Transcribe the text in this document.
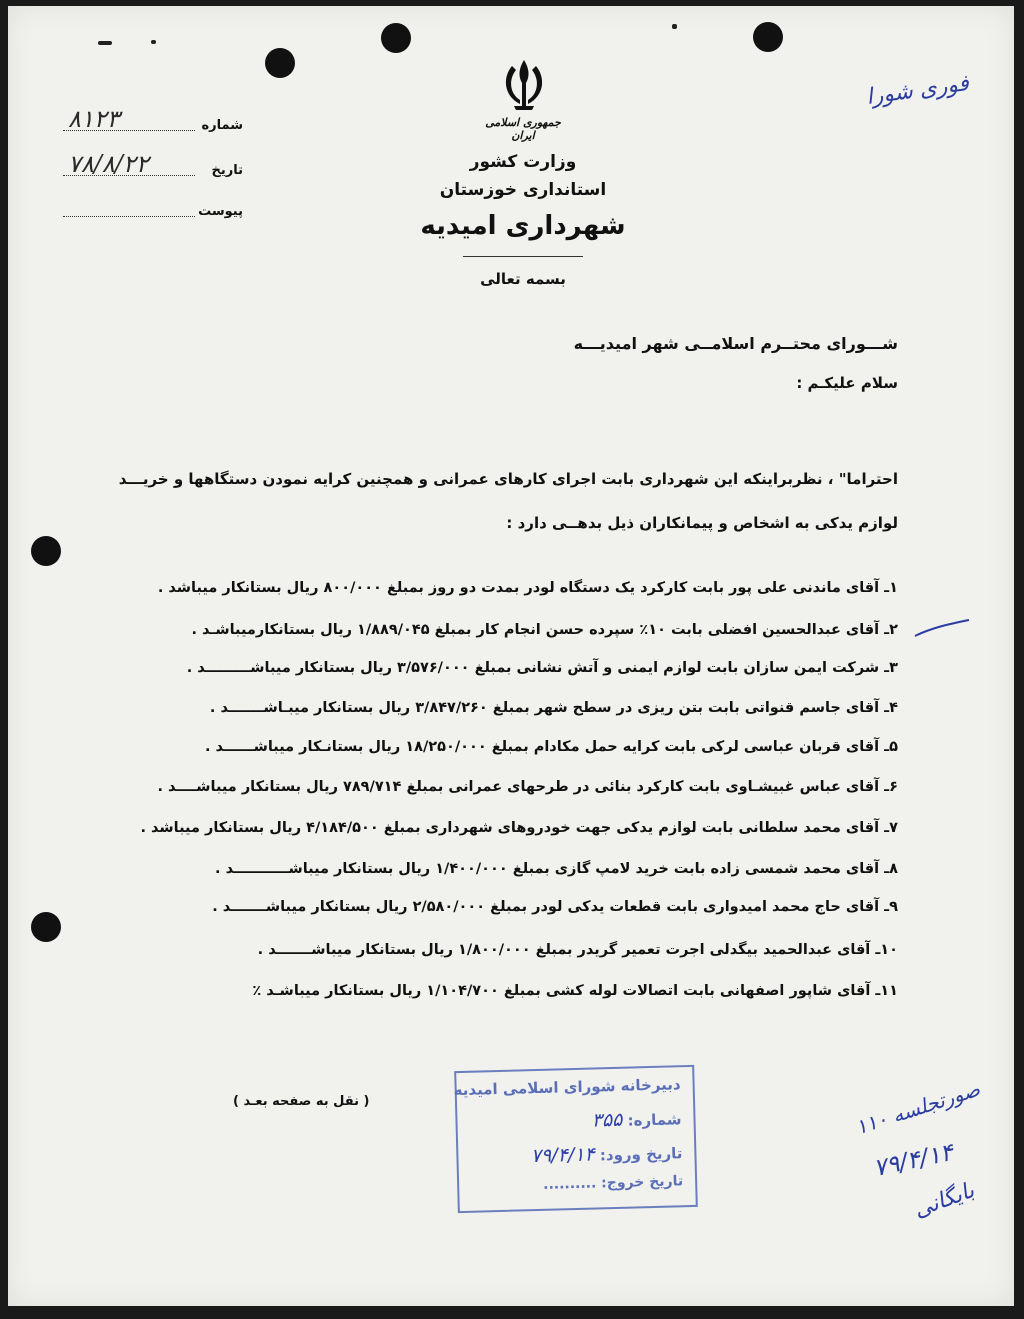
جمهوری اسلامی ایران
وزارت کشور
استانداری خوزستان
شهرداری امیدیه
بسمه تعالی
شماره
۸۱۲۳
تاریخ
۷۸/۸/۲۲
پیوست
فوری شورا
شـــورای محتــرم اسلامــی شهر امیدیـــه
سلام علیکـم :
احتراما" ، نظربراینکه این شهرداری بابت اجرای کارهای عمرانی و همچنین کرایه نمودن دستگاهها و خریـــد
لوازم یدکی به اشخاص و پیمانکاران ذیل بدهــی دارد :
۱ـ آقای ماندنی علی پور بابت کارکرد یک دستگاه لودر بمدت دو روز بمبلغ ۸۰۰/۰۰۰ ریال بستانکار میباشد .
۲ـ آقای عبدالحسین افضلی بابت ۱۰٪ سپرده حسن انجام کار بمبلغ ۱/۸۸۹/۰۴۵ ریال بستانکارمیباشـد .
۳ـ شرکت ایمن سازان بابت لوازم ایمنی و آتش نشانی بمبلغ ۳/۵۷۶/۰۰۰ ریال بستانکار میباشـــــــــد .
۴ـ آقای جاسم قنواتی بابت بتن ریزی در سطح شهر بمبلغ ۳/۸۴۷/۲۶۰ ریال بستانکار میبـاشـــــــد .
۵ـ آقای قربان عباسی لرکی بابت کرایه حمل مکادام بمبلغ ۱۸/۲۵۰/۰۰۰ ریال بستانـکار میباشــــــد .
۶ـ آقای عباس غبیشـاوی بابت کارکرد بنائی در طرحهای عمرانی بمبلغ ۷۸۹/۷۱۴ ریال بستانکار میباشــــد .
۷ـ آقای محمد سلطانی بابت لوازم یدکی جهت خودروهای شهرداری بمبلغ ۴/۱۸۴/۵۰۰ ریال بستانکار میباشد .
۸ـ آقای محمد شمسی زاده بابت خرید لامپ گازی بمبلغ ۱/۴۰۰/۰۰۰ ریال بستانکار میباشـــــــــــد .
۹ـ آقای حاج محمد امیدواری بابت قطعات یدکی لودر بمبلغ ۲/۵۸۰/۰۰۰ ریال بستانکار میباشـــــــد .
۱۰ـ آقای عبدالحمید بیگدلی اجرت تعمیر گریدر بمبلغ ۱/۸۰۰/۰۰۰ ریال بستانکار میباشـــــــد .
۱۱ـ آقای شاپور اصفهانی بابت اتصالات لوله کشی بمبلغ ۱/۱۰۴/۷۰۰ ریال بستانکار میباشـد ٪
( نقل به صفحه بعـد )
دبیرخانه شورای اسلامی امیدیه
شماره: ۳۵۵
تاریخ ورود: ۷۹/۴/۱۴
تاریخ خروج: ..........
صورتجلسه ۱۱۰
۷۹/۴/۱۴
بایگانی
